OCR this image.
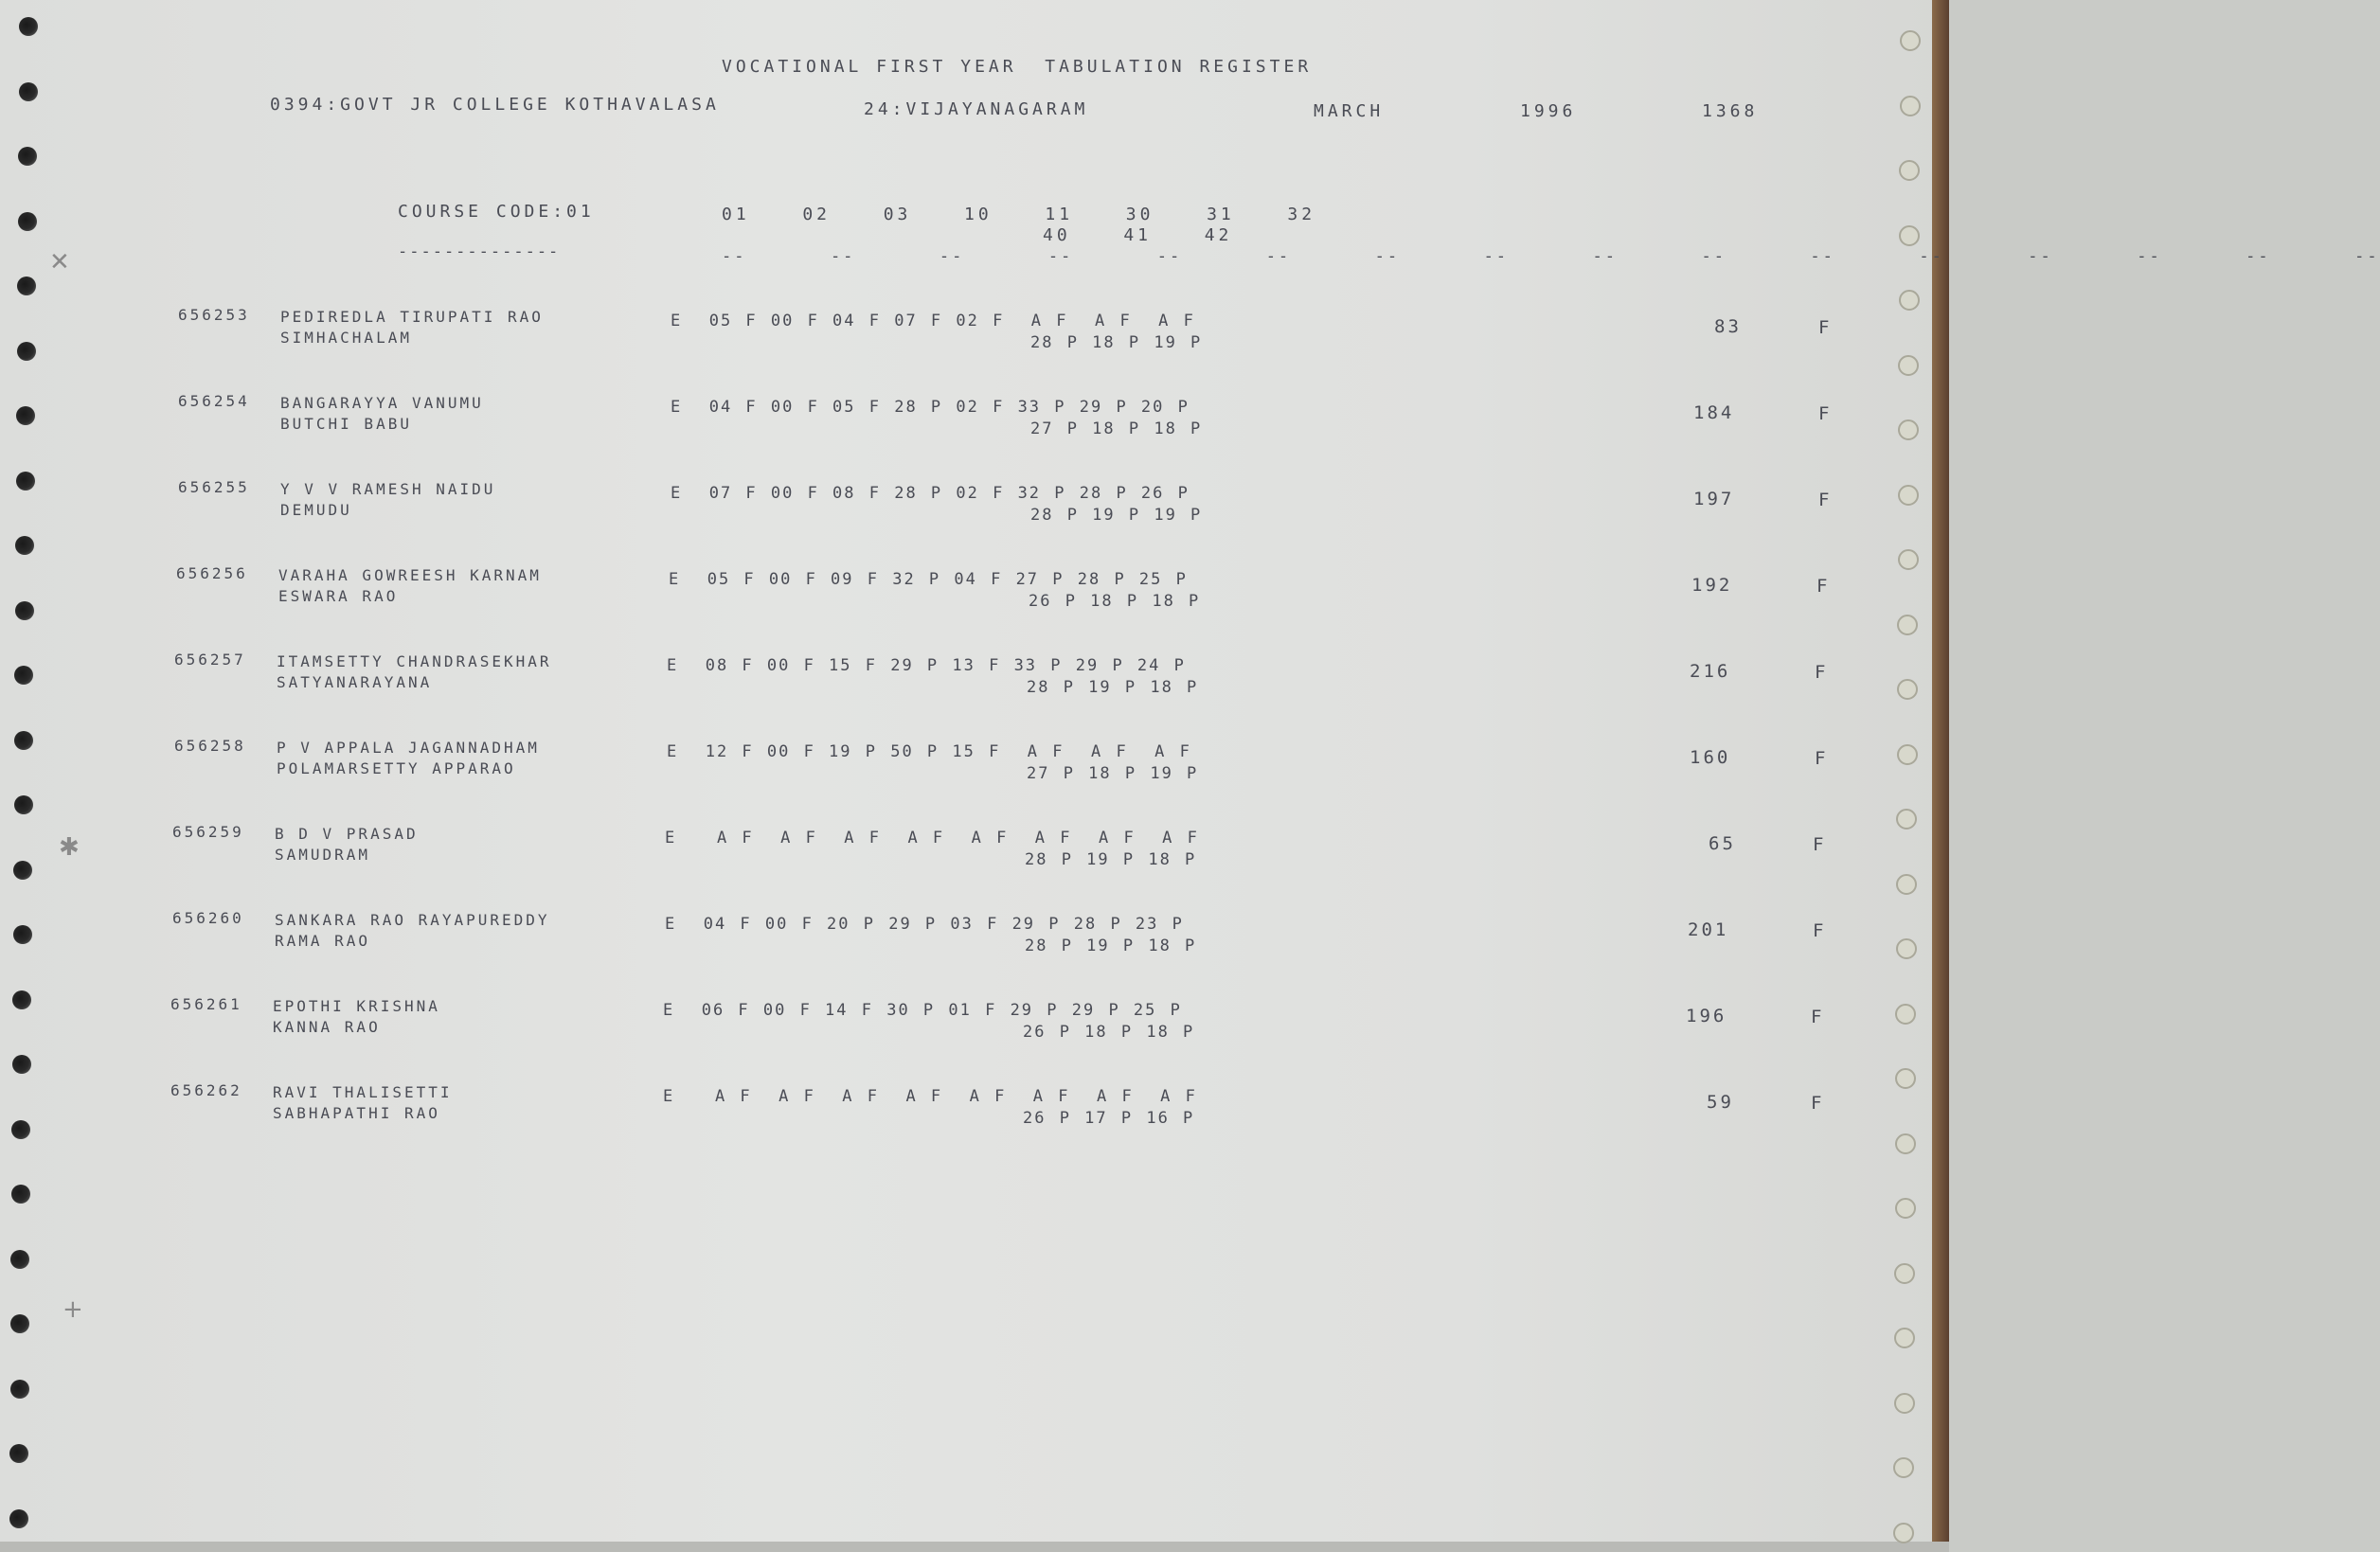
✕
✱
+
VOCATIONAL FIRST YEAR  TABULATION REGISTER
0394:GOVT JR COLLEGE KOTHAVALASA	24:VIJAYANAGARAM	MARCH	1996	1368
COURSE CODE:01
--------------
01  02  03  10  11  30  31  32
40  41  42
--  --  --  --  --  --  --  --  --  --  --  --  --  --  --  --
656253 PEDIREDLA TIRUPATI RAO
SIMHACHALAM
E  05 F 00 F 04 F 07 F 02 F  A F  A F  A F
28 P 18 P 19 P
83	F
656254 BANGARAYYA VANUMU
BUTCHI BABU
E  04 F 00 F 05 F 28 P 02 F 33 P 29 P 20 P
27 P 18 P 18 P
184	F
656255 Y V V RAMESH NAIDU
DEMUDU
E  07 F 00 F 08 F 28 P 02 F 32 P 28 P 26 P
28 P 19 P 19 P
197	F
656256 VARAHA GOWREESH KARNAM
ESWARA RAO
E  05 F 00 F 09 F 32 P 04 F 27 P 28 P 25 P
26 P 18 P 18 P
192	F
656257 ITAMSETTY CHANDRASEKHAR
SATYANARAYANA
E  08 F 00 F 15 F 29 P 13 F 33 P 29 P 24 P
28 P 19 P 18 P
216	F
656258 P V APPALA JAGANNADHAM
POLAMARSETTY APPARAO
E  12 F 00 F 19 P 50 P 15 F  A F  A F  A F
27 P 18 P 19 P
160	F
656259 B D V PRASAD
SAMUDRAM
E   A F  A F  A F  A F  A F  A F  A F  A F
28 P 19 P 18 P
65	F
656260 SANKARA RAO RAYAPUREDDY
RAMA RAO
E  04 F 00 F 20 P 29 P 03 F 29 P 28 P 23 P
28 P 19 P 18 P
201	F
656261 EPOTHI KRISHNA
KANNA RAO
E  06 F 00 F 14 F 30 P 01 F 29 P 29 P 25 P
26 P 18 P 18 P
196	F
656262 RAVI THALISETTI
SABHAPATHI RAO
E   A F  A F  A F  A F  A F  A F  A F  A F
26 P 17 P 16 P
59	F
